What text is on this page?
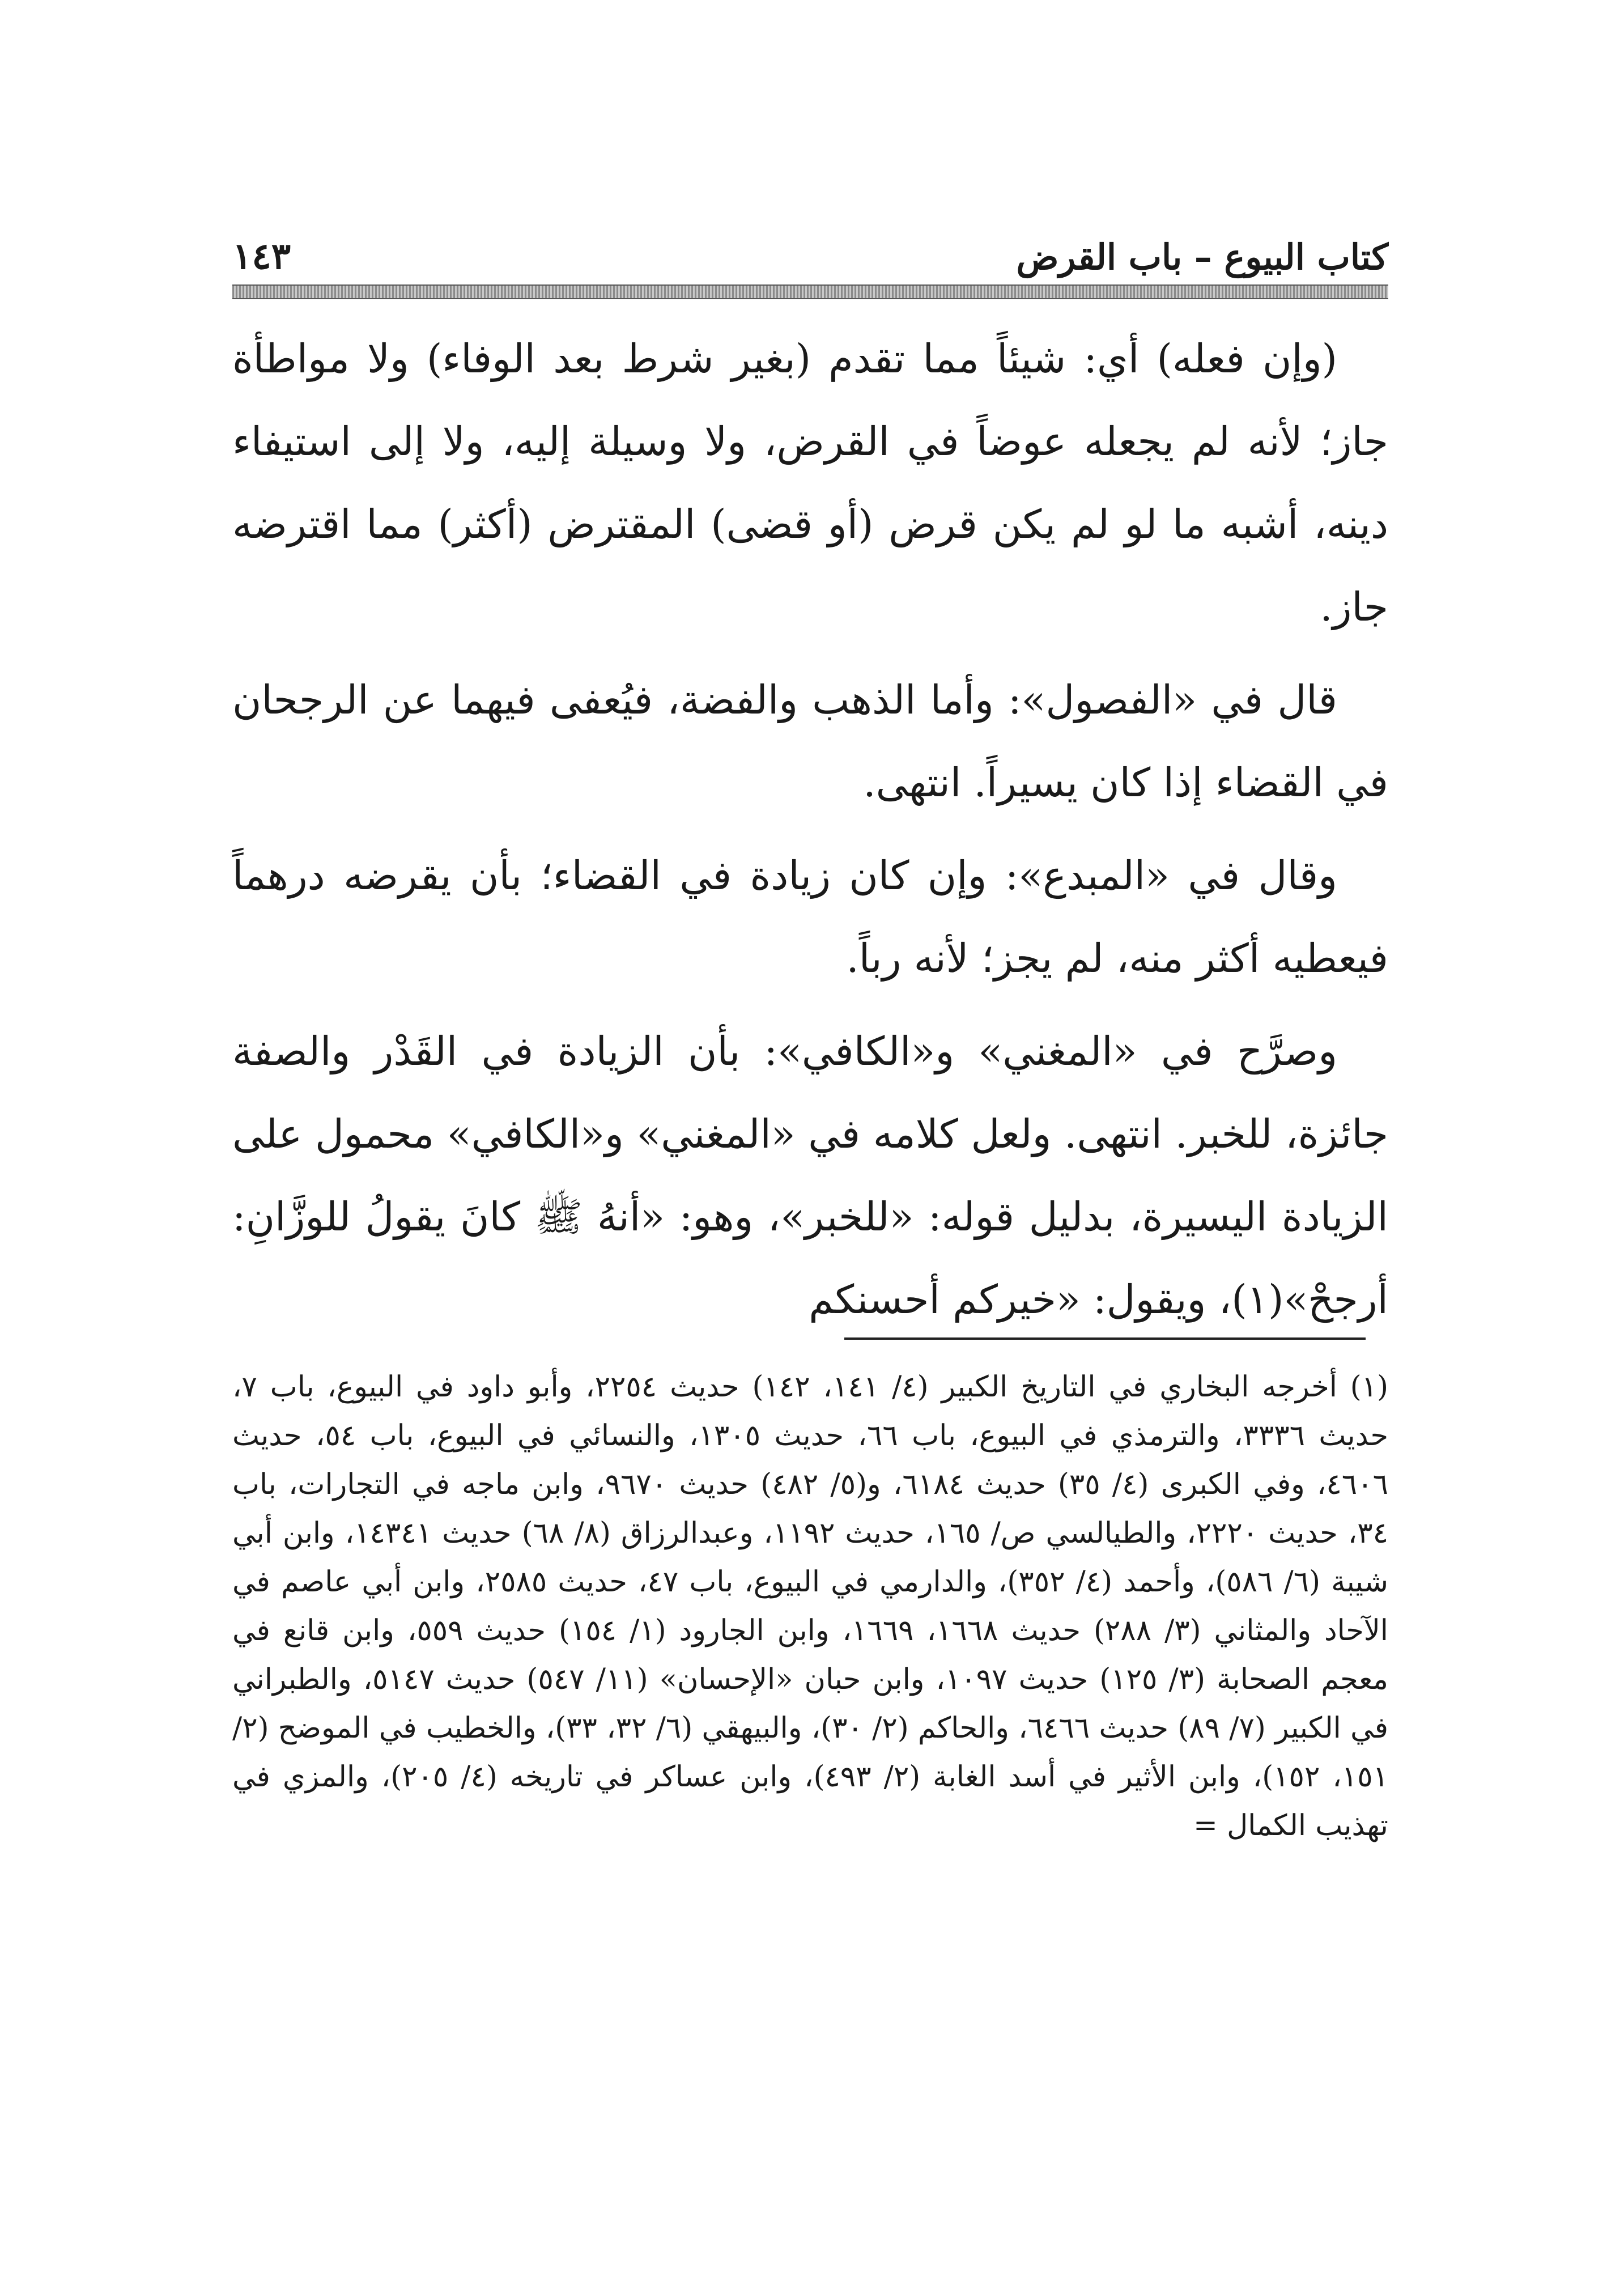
كتاب البيوع – باب القرض
١٤٣

(وإن فعله) أي: شيئاً مما تقدم (بغير شرط بعد الوفاء) ولا مواطأة جاز؛ لأنه لم يجعله عوضاً في القرض، ولا وسيلة إليه، ولا إلى استيفاء دينه، أشبه ما لو لم يكن قرض (أو قضى) المقترض (أكثر) مما اقترضه جاز.

قال في «الفصول»: وأما الذهب والفضة، فيُعفى فيهما عن الرجحان في القضاء إذا كان يسيراً. انتهى.

وقال في «المبدع»: وإن كان زيادة في القضاء؛ بأن يقرضه درهماً فيعطيه أكثر منه، لم يجز؛ لأنه رباً.

وصرَّح في «المغني» و«الكافي»: بأن الزيادة في القَدْر والصفة جائزة، للخبر. انتهى. ولعل كلامه في «المغني» و«الكافي» محمول على الزيادة اليسيرة، بدليل قوله: «للخبر»، وهو: «أنهُ ﷺ كانَ يقولُ للوزَّانِ: أرجحْ»(١)، ويقول: «خيركم أحسنكم

(١) أخرجه البخاري في التاريخ الكبير (٤/ ١٤١، ١٤٢) حديث ٢٢٥٤، وأبو داود في البيوع، باب ٧، حديث ٣٣٣٦، والترمذي في البيوع، باب ٦٦، حديث ١٣٠٥، والنسائي في البيوع، باب ٥٤، حديث ٤٦٠٦، وفي الكبرى (٤/ ٣٥) حديث ٦١٨٤، و(٥/ ٤٨٢) حديث ٩٦٧٠، وابن ماجه في التجارات، باب ٣٤، حديث ٢٢٢٠، والطيالسي ص/ ١٦٥، حديث ١١٩٢، وعبدالرزاق (٨/ ٦٨) حديث ١٤٣٤١، وابن أبي شيبة (٦/ ٥٨٦)، وأحمد (٤/ ٣٥٢)، والدارمي في البيوع، باب ٤٧، حديث ٢٥٨٥، وابن أبي عاصم في الآحاد والمثاني (٣/ ٢٨٨) حديث ١٦٦٨، ١٦٦٩، وابن الجارود (١/ ١٥٤) حديث ٥٥٩، وابن قانع في معجم الصحابة (٣/ ١٢٥) حديث ١٠٩٧، وابن حبان «الإحسان» (١١/ ٥٤٧) حديث ٥١٤٧، والطبراني في الكبير (٧/ ٨٩) حديث ٦٤٦٦، والحاكم (٢/ ٣٠)، والبيهقي (٦/ ٣٢، ٣٣)، والخطيب في الموضح (٢/ ١٥١، ١٥٢)، وابن الأثير في أسد الغابة (٢/ ٤٩٣)، وابن عساكر في تاريخه (٤/ ٢٠٥)، والمزي في تهذيب الكمال =
